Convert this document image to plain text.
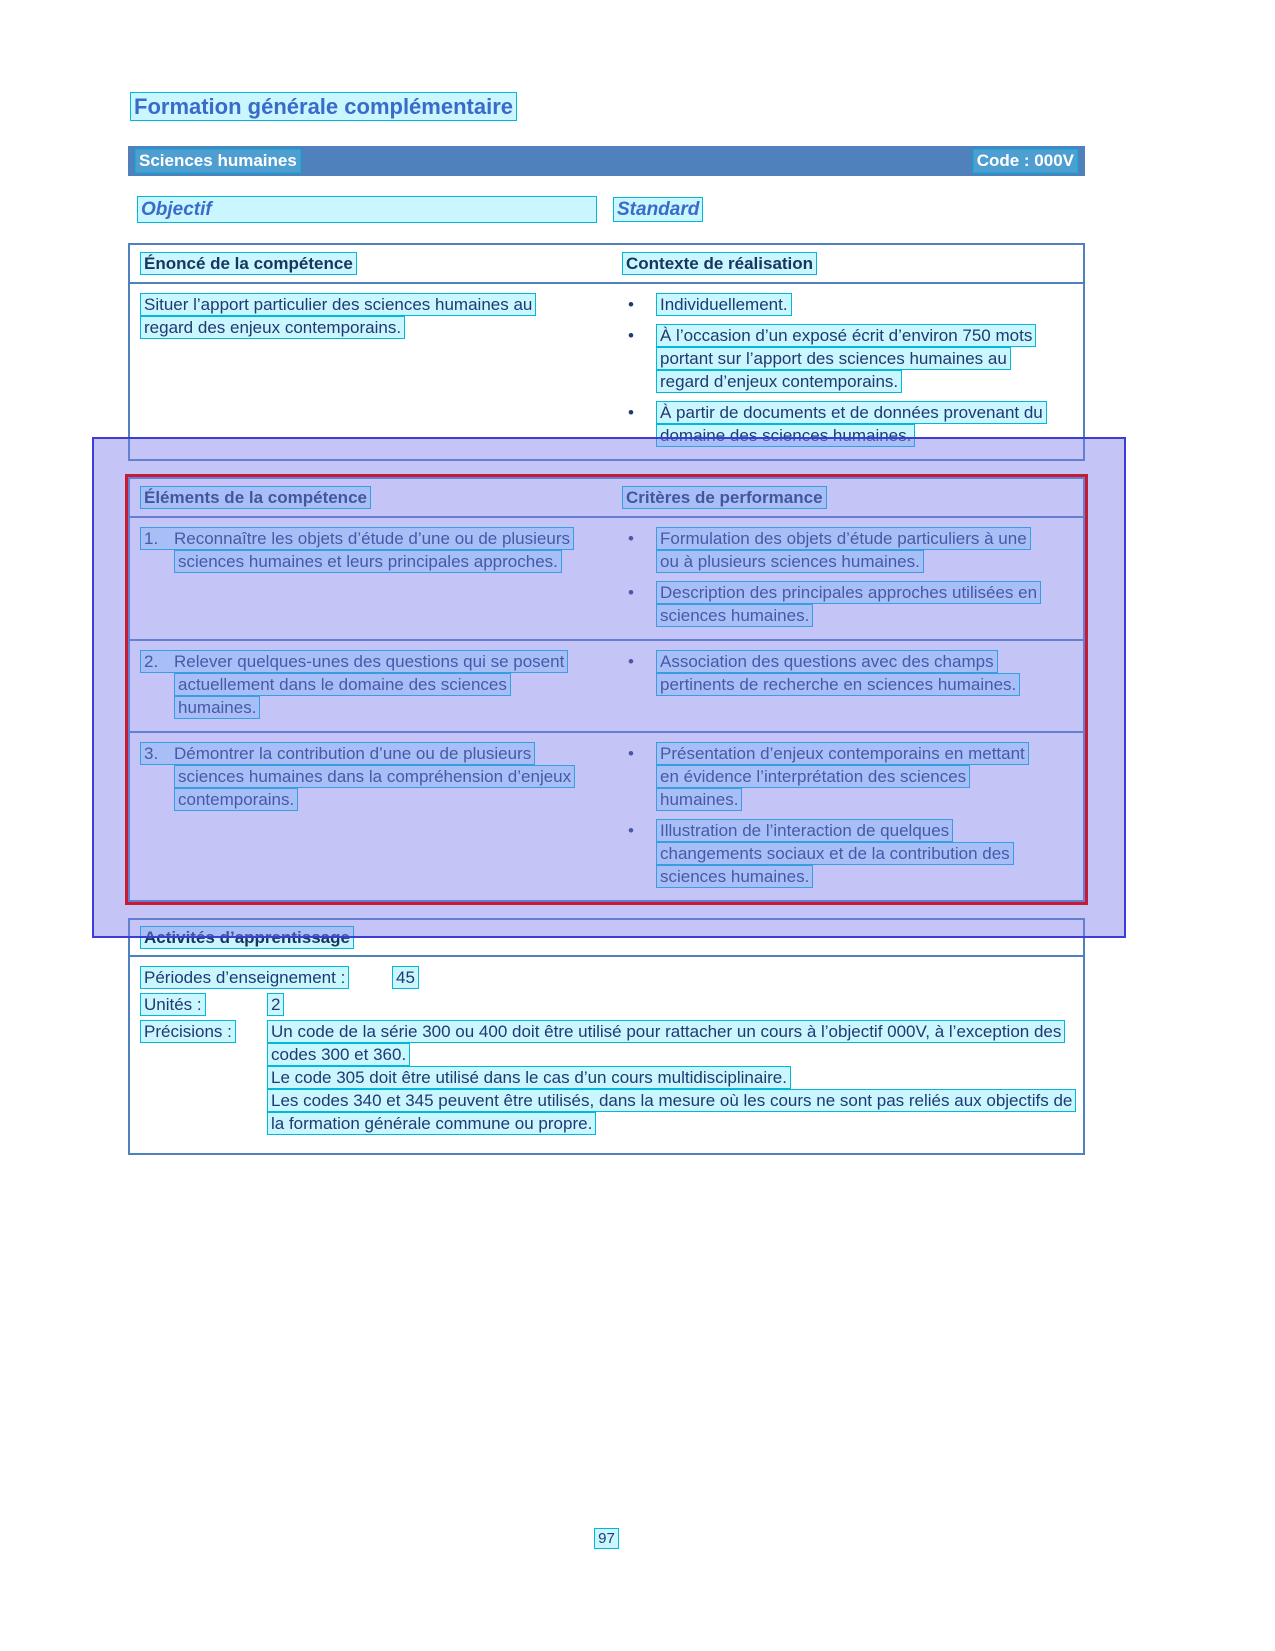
Formation générale complémentaire
Sciences humaines	Code : 000V
Objectif	Standard
Énoncé de la compétence	Contexte de réalisation
Situer l’apport particulier des sciences humaines au regard des enjeux contemporains.
•	Individuellement.
•	À l’occasion d’un exposé écrit d’environ 750 mots portant sur l’apport des sciences humaines au regard d’enjeux contemporains.
•	À partir de documents et de données provenant du domaine des sciences humaines.
Éléments de la compétence	Critères de performance
1. Reconnaître les objets d’étude d’une ou de plusieurs sciences humaines et leurs principales approches.
•	Formulation des objets d’étude particuliers à une ou à plusieurs sciences humaines.
•	Description des principales approches utilisées en sciences humaines.
2. Relever quelques-unes des questions qui se posent actuellement dans le domaine des sciences humaines.
•	Association des questions avec des champs pertinents de recherche en sciences humaines.
3. Démontrer la contribution d’une ou de plusieurs sciences humaines dans la compréhension d’enjeux contemporains.
•	Présentation d’enjeux contemporains en mettant en évidence l’interprétation des sciences humaines.
•	Illustration de l’interaction de quelques changements sociaux et de la contribution des sciences humaines.
Activités d’apprentissage
Périodes d’enseignement :	45
Unités :	2
Précisions :	Un code de la série 300 ou 400 doit être utilisé pour rattacher un cours à l’objectif 000V, à l’exception des codes 300 et 360.

Le code 305 doit être utilisé dans le cas d’un cours multidisciplinaire.

Les codes 340 et 345 peuvent être utilisés, dans la mesure où les cours ne sont pas reliés aux objectifs de la formation générale commune ou propre.

97
